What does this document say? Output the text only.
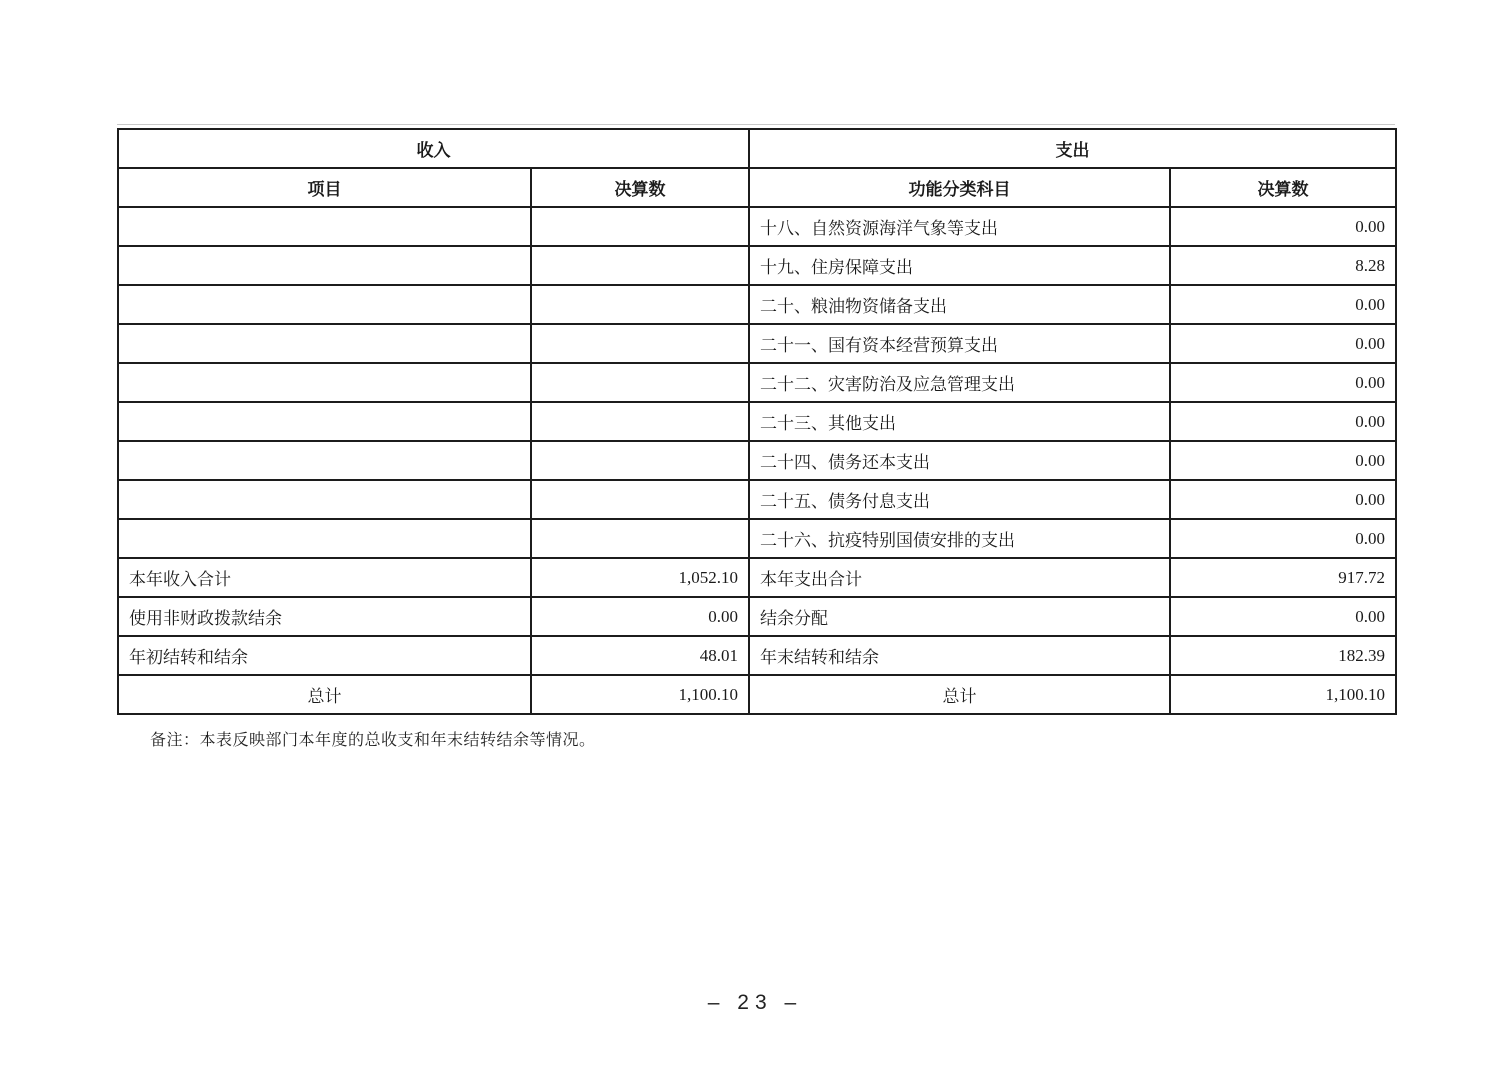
收入		支出	
项目	决算数	功能分类科目	决算数
		十八、自然资源海洋气象等支出	0.00
		十九、住房保障支出	8.28
		二十、粮油物资储备支出	0.00
		二十一、国有资本经营预算支出	0.00
		二十二、灾害防治及应急管理支出	0.00
		二十三、其他支出	0.00
		二十四、债务还本支出	0.00
		二十五、债务付息支出	0.00
		二十六、抗疫特别国债安排的支出	0.00
本年收入合计	1,052.10	本年支出合计	917.72
使用非财政拨款结余	0.00	结余分配	0.00
年初结转和结余	48.01	年末结转和结余	182.39
总计	1,100.10	总计	1,100.10
备注：本表反映部门本年度的总收支和年末结转结余等情况。
– 23 –
